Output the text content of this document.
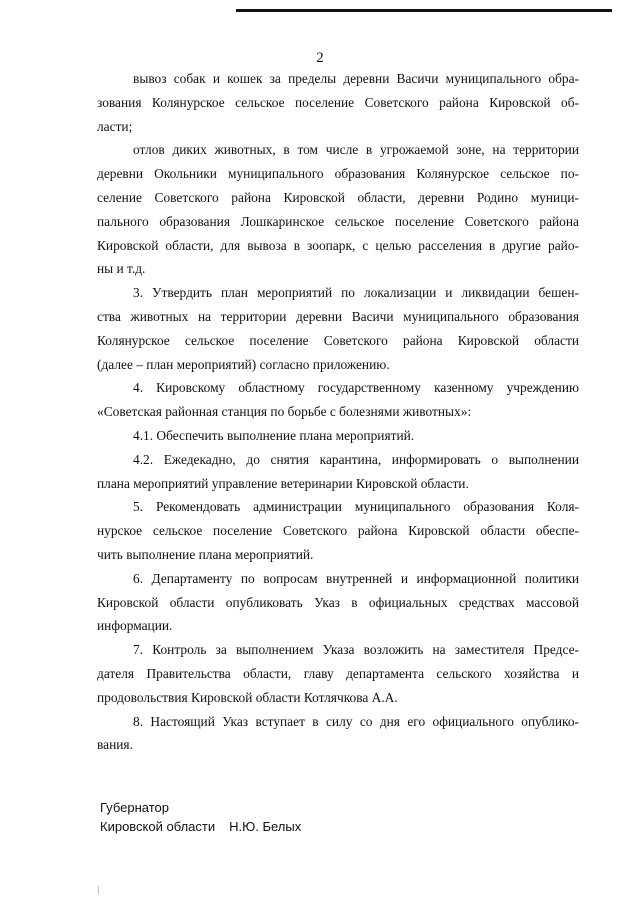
2

вывоз собак и кошек за пределы деревни Васичи муниципального обра-
зования Колянурское сельское поселение Советского района Кировской об-
ласти;

отлов диких животных, в том числе в угрожаемой зоне, на территории
деревни Окольники муниципального образования Колянурское сельское по-
селение Советского района Кировской области, деревни Родино муници-
пального образования Лошкаринское сельское поселение Советского района
Кировской области, для вывоза в зоопарк, с целью расселения в другие райо-
ны и т.д.

3. Утвердить план мероприятий по локализации и ликвидации бешен-
ства животных на территории деревни Васичи муниципального образования
Колянурское сельское поселение Советского района Кировской области
(далее – план мероприятий) согласно приложению.

4. Кировскому областному государственному казенному учреждению
«Советская районная станция по борьбе с болезнями животных»:

4.1. Обеспечить выполнение плана мероприятий.

4.2. Ежедекадно, до снятия карантина, информировать о выполнении
плана мероприятий управление ветеринарии Кировской области.

5. Рекомендовать администрации муниципального образования Коля-
нурское сельское поселение Советского района Кировской области обеспе-
чить выполнение плана мероприятий.

6. Департаменту по вопросам внутренней и информационной политики
Кировской области опубликовать Указ в официальных средствах массовой
информации.

7. Контроль за выполнением Указа возложить на заместителя Предсе-
дателя Правительства области, главу департамента сельского хозяйства и
продовольствия Кировской области Котлячкова А.А.

8. Настоящий Указ вступает в силу со дня его официального опублико-
вания.

Губернатор
Кировской области Н.Ю. Белых
